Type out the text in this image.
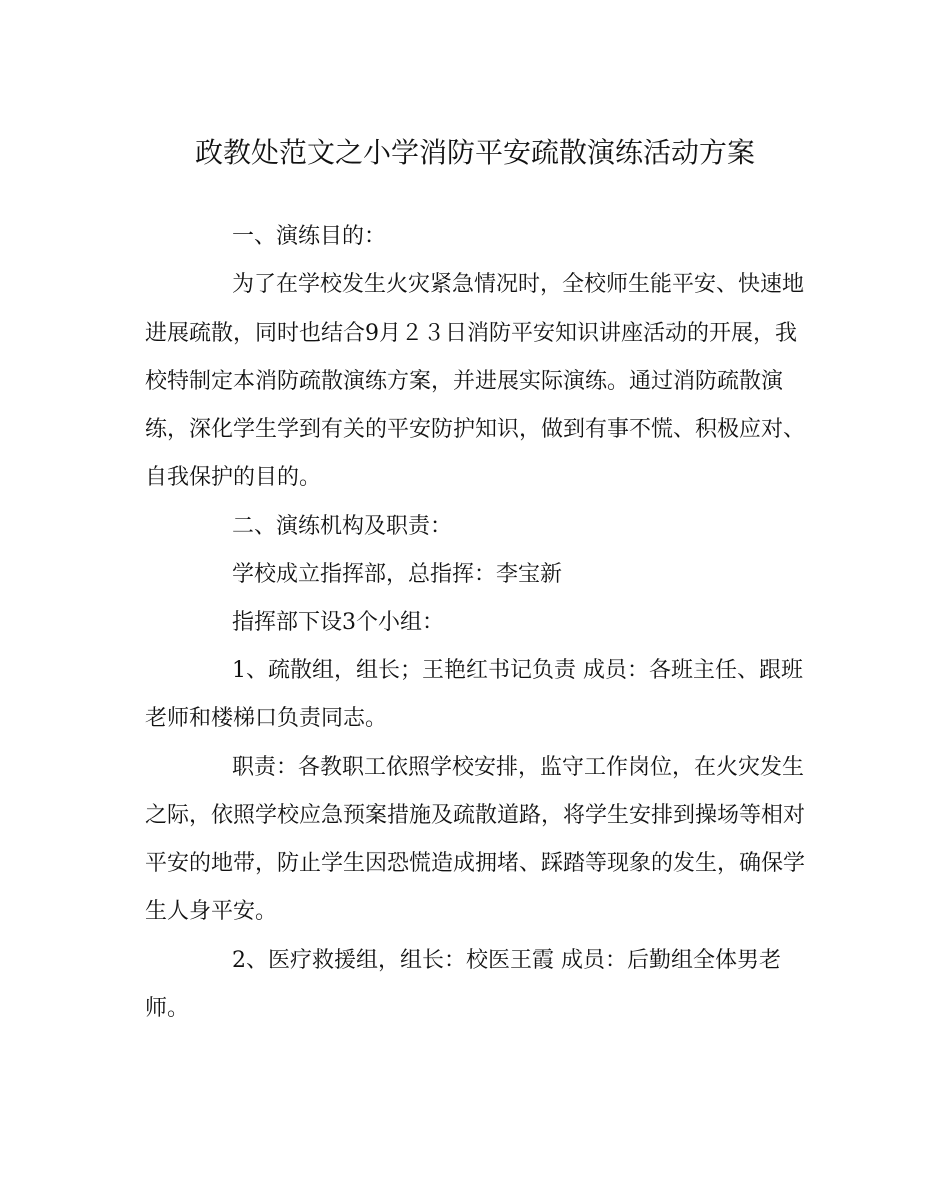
政教处范文之小学消防平安疏散演练活动方案
一、演练目的：
为了在学校发生火灾紧急情况时，全校师生能平安、快速地
进展疏散，同时也结合9月２３日消防平安知识讲座活动的开展，我
校特制定本消防疏散演练方案，并进展实际演练。通过消防疏散演
练，深化学生学到有关的平安防护知识，做到有事不慌、积极应对、
自我保护的目的。
二、演练机构及职责：
学校成立指挥部，总指挥：李宝新
指挥部下设3个小组：
1、疏散组，组长；王艳红书记负责 成员：各班主任、跟班
老师和楼梯口负责同志。
职责：各教职工依照学校安排，监守工作岗位，在火灾发生
之际，依照学校应急预案措施及疏散道路，将学生安排到操场等相对
平安的地带，防止学生因恐慌造成拥堵、踩踏等现象的发生，确保学
生人身平安。
2、医疗救援组，组长：校医王霞 成员：后勤组全体男老
师。
